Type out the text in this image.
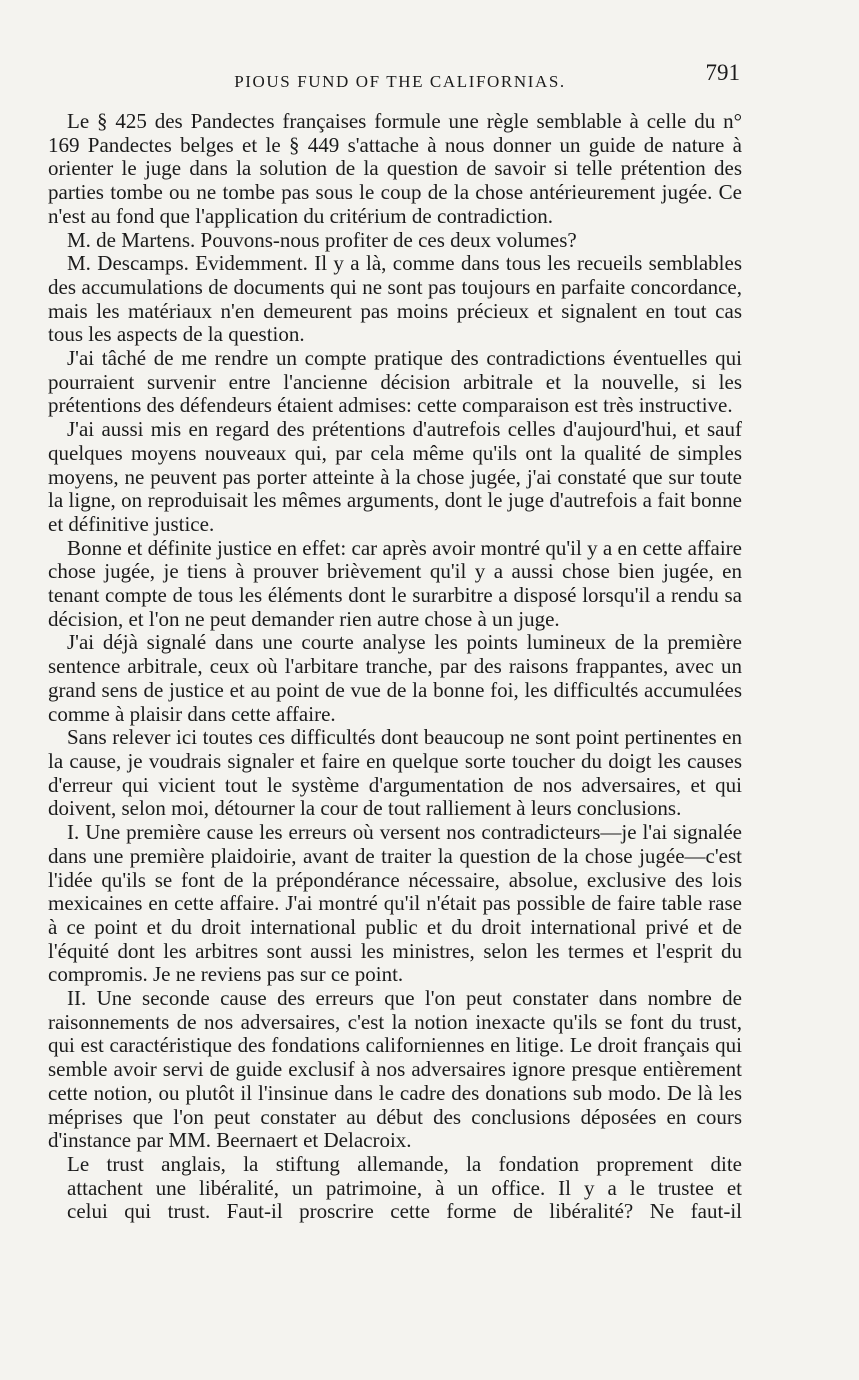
PIOUS FUND OF THE CALIFORNIAS.	791

Le § 425 des Pandectes françaises formule une règle semblable à celle du n° 169 Pandectes belges et le § 449 s'attache à nous donner un guide de nature à orienter le juge dans la solution de la question de savoir si telle prétention des parties tombe ou ne tombe pas sous le coup de la chose antérieurement jugée. Ce n'est au fond que l'application du critérium de contradiction.

M. de Martens. Pouvons-nous profiter de ces deux volumes?

M. Descamps. Evidemment. Il y a là, comme dans tous les recueils semblables des accumulations de documents qui ne sont pas toujours en parfaite concordance, mais les matériaux n'en demeurent pas moins précieux et signalent en tout cas tous les aspects de la question.

J'ai tâché de me rendre un compte pratique des contradictions éventuelles qui pourraient survenir entre l'ancienne décision arbitrale et la nouvelle, si les prétentions des défendeurs étaient admises: cette comparaison est très instructive.

J'ai aussi mis en regard des prétentions d'autrefois celles d'aujourd'hui, et sauf quelques moyens nouveaux qui, par cela même qu'ils ont la qualité de simples moyens, ne peuvent pas porter atteinte à la chose jugée, j'ai constaté que sur toute la ligne, on reproduisait les mêmes arguments, dont le juge d'autrefois a fait bonne et définitive justice.

Bonne et définite justice en effet: car après avoir montré qu'il y a en cette affaire chose jugée, je tiens à prouver brièvement qu'il y a aussi chose bien jugée, en tenant compte de tous les éléments dont le surarbitre a disposé lorsqu'il a rendu sa décision, et l'on ne peut demander rien autre chose à un juge.

J'ai déjà signalé dans une courte analyse les points lumineux de la première sentence arbitrale, ceux où l'arbitare tranche, par des raisons frappantes, avec un grand sens de justice et au point de vue de la bonne foi, les difficultés accumulées comme à plaisir dans cette affaire.

Sans relever ici toutes ces difficultés dont beaucoup ne sont point pertinentes en la cause, je voudrais signaler et faire en quelque sorte toucher du doigt les causes d'erreur qui vicient tout le système d'argumentation de nos adversaires, et qui doivent, selon moi, détourner la cour de tout ralliement à leurs conclusions.

I. Une première cause les erreurs où versent nos contradicteurs—je l'ai signalée dans une première plaidoirie, avant de traiter la question de la chose jugée—c'est l'idée qu'ils se font de la prépondérance nécessaire, absolue, exclusive des lois mexicaines en cette affaire. J'ai montré qu'il n'était pas possible de faire table rase à ce point et du droit international public et du droit international privé et de l'équité dont les arbitres sont aussi les ministres, selon les termes et l'esprit du compromis. Je ne reviens pas sur ce point.

II. Une seconde cause des erreurs que l'on peut constater dans nombre de raisonnements de nos adversaires, c'est la notion inexacte qu'ils se font du trust, qui est caractéristique des fondations californiennes en litige. Le droit français qui semble avoir servi de guide exclusif à nos adversaires ignore presque entièrement cette notion, ou plutôt il l'insinue dans le cadre des donations sub modo. De là les méprises que l'on peut constater au début des conclusions déposées en cours d'instance par MM. Beernaert et Delacroix.

Le trust anglais, la stiftung allemande, la fondation proprement dite
attachent une libéralité, un patrimoine, à un office. Il y a le trustee et
celui qui trust. Faut-il proscrire cette forme de libéralité? Ne faut-il
